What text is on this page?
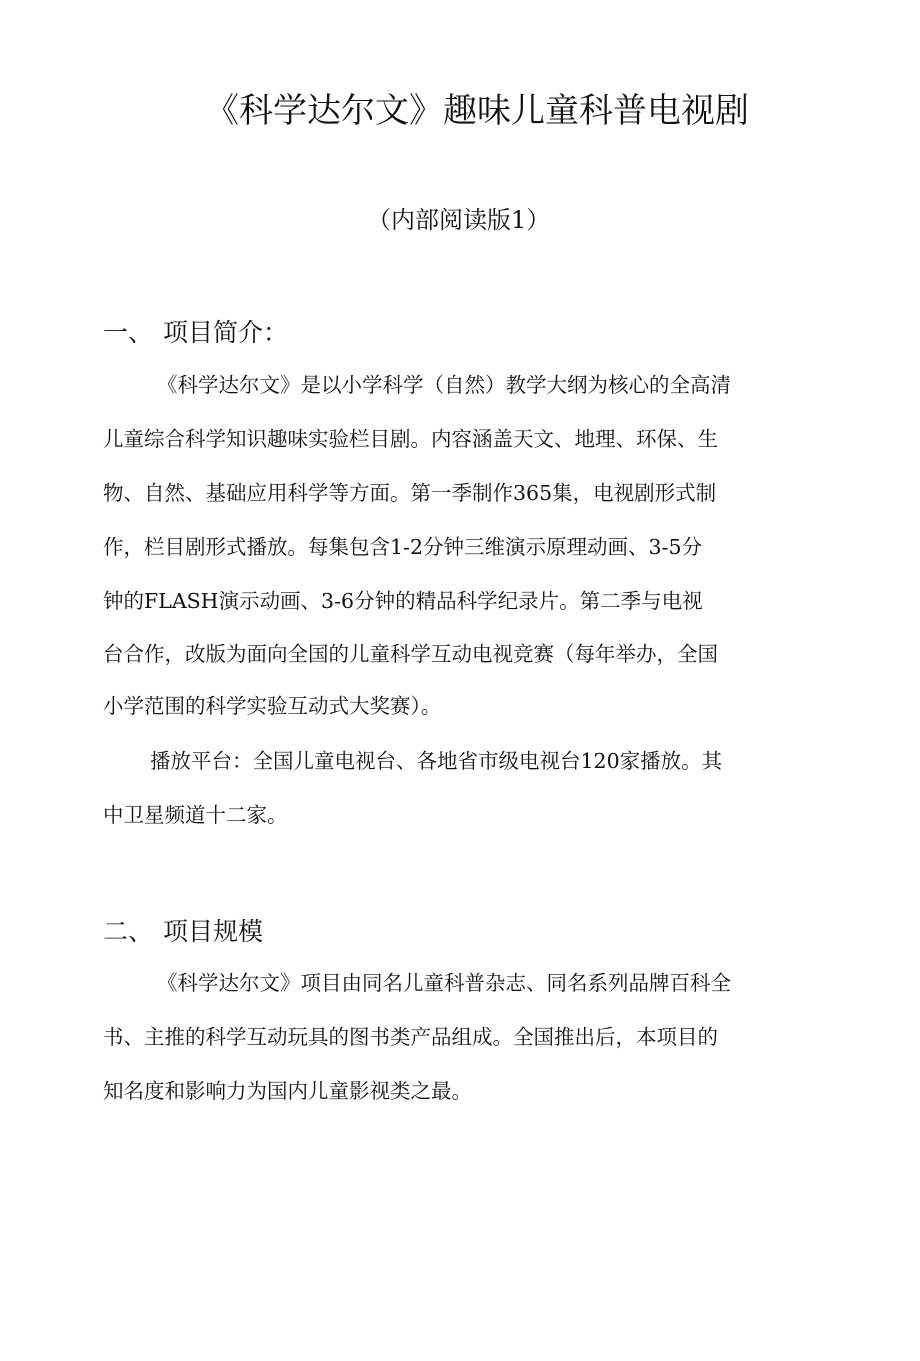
《科学达尔文》趣味儿童科普电视剧
（内部阅读版1）
一、 项目简介：
《科学达尔文》是以小学科学（自然）教学大纲为核心的全高清
儿童综合科学知识趣味实验栏目剧。内容涵盖天文、地理、环保、生
物、自然、基础应用科学等方面。第一季制作365集，电视剧形式制
作，栏目剧形式播放。每集包含1-2分钟三维演示原理动画、3-5分
钟的FLASH演示动画、3-6分钟的精品科学纪录片。第二季与电视
台合作，改版为面向全国的儿童科学互动电视竞赛（每年举办，全国
小学范围的科学实验互动式大奖赛）。
播放平台：全国儿童电视台、各地省市级电视台120家播放。其
中卫星频道十二家。
二、 项目规模
《科学达尔文》项目由同名儿童科普杂志、同名系列品牌百科全
书、主推的科学互动玩具的图书类产品组成。全国推出后，本项目的
知名度和影响力为国内儿童影视类之最。
